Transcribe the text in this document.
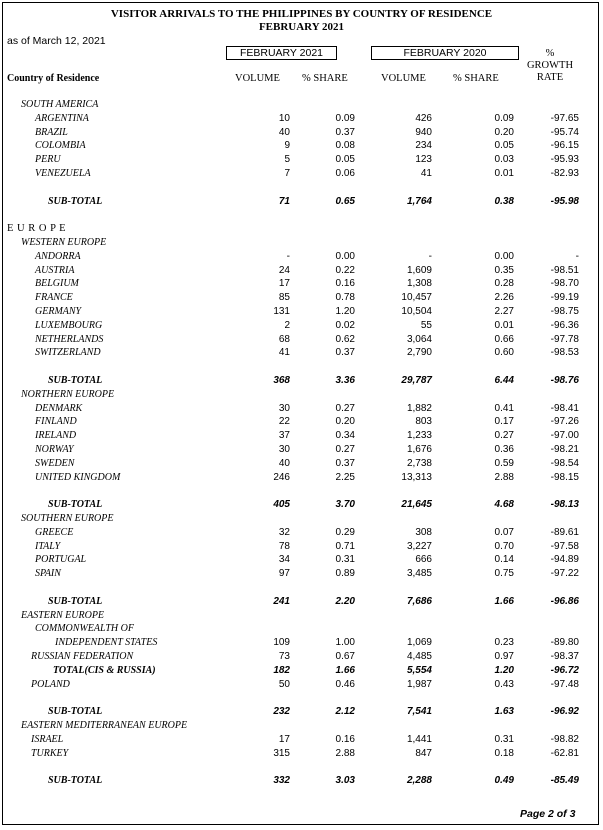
VISITOR ARRIVALS TO THE PHILIPPINES BY COUNTRY OF RESIDENCE
FEBRUARY 2021
as of March 12, 2021
FEBRUARY 2021	FEBRUARY 2020	%
GROWTH
RATE
Country of Residence	VOLUME % SHARE	VOLUME	% SHARE
SOUTH AMERICA
ARGENTINA	10	0.09	426	0.09	-97.65
BRAZIL	40	0.37	940	0.20	-95.74
COLOMBIA	9	0.08	234	0.05	-96.15
PERU	5	0.05	123	0.03	-95.93
VENEZUELA	7	0.06	41	0.01	-82.93
SUB-TOTAL	71	0.65	1,764	0.38	-95.98
E U R O P E
WESTERN EUROPE
ANDORRA	-	0.00	-	0.00	-
AUSTRIA	24	0.22	1,609	0.35	-98.51
BELGIUM	17	0.16	1,308	0.28	-98.70
FRANCE	85	0.78	10,457	2.26	-99.19
GERMANY	131	1.20	10,504	2.27	-98.75
LUXEMBOURG	2	0.02	55	0.01	-96.36
NETHERLANDS	68	0.62	3,064	0.66	-97.78
SWITZERLAND	41	0.37	2,790	0.60	-98.53
SUB-TOTAL	368	3.36	29,787	6.44	-98.76
NORTHERN EUROPE
DENMARK	30	0.27	1,882	0.41	-98.41
FINLAND	22	0.20	803	0.17	-97.26
IRELAND	37	0.34	1,233	0.27	-97.00
NORWAY	30	0.27	1,676	0.36	-98.21
SWEDEN	40	0.37	2,738	0.59	-98.54
UNITED KINGDOM	246	2.25	13,313	2.88	-98.15
SUB-TOTAL	405	3.70	21,645	4.68	-98.13
SOUTHERN EUROPE
GREECE	32	0.29	308	0.07	-89.61
ITALY	78	0.71	3,227	0.70	-97.58
PORTUGAL	34	0.31	666	0.14	-94.89
SPAIN	97	0.89	3,485	0.75	-97.22
SUB-TOTAL	241	2.20	7,686	1.66	-96.86
EASTERN EUROPE
COMMONWEALTH OF
INDEPENDENT STATES	109	1.00	1,069	0.23	-89.80
RUSSIAN FEDERATION	73	0.67	4,485	0.97	-98.37
TOTAL(CIS & RUSSIA)	182	1.66	5,554	1.20	-96.72
POLAND	50	0.46	1,987	0.43	-97.48
SUB-TOTAL	232	2.12	7,541	1.63	-96.92
EASTERN MEDITERRANEAN EUROPE
ISRAEL	17	0.16	1,441	0.31	-98.82
TURKEY	315	2.88	847	0.18	-62.81
SUB-TOTAL	332	3.03	2,288	0.49	-85.49
Page 2 of 3
